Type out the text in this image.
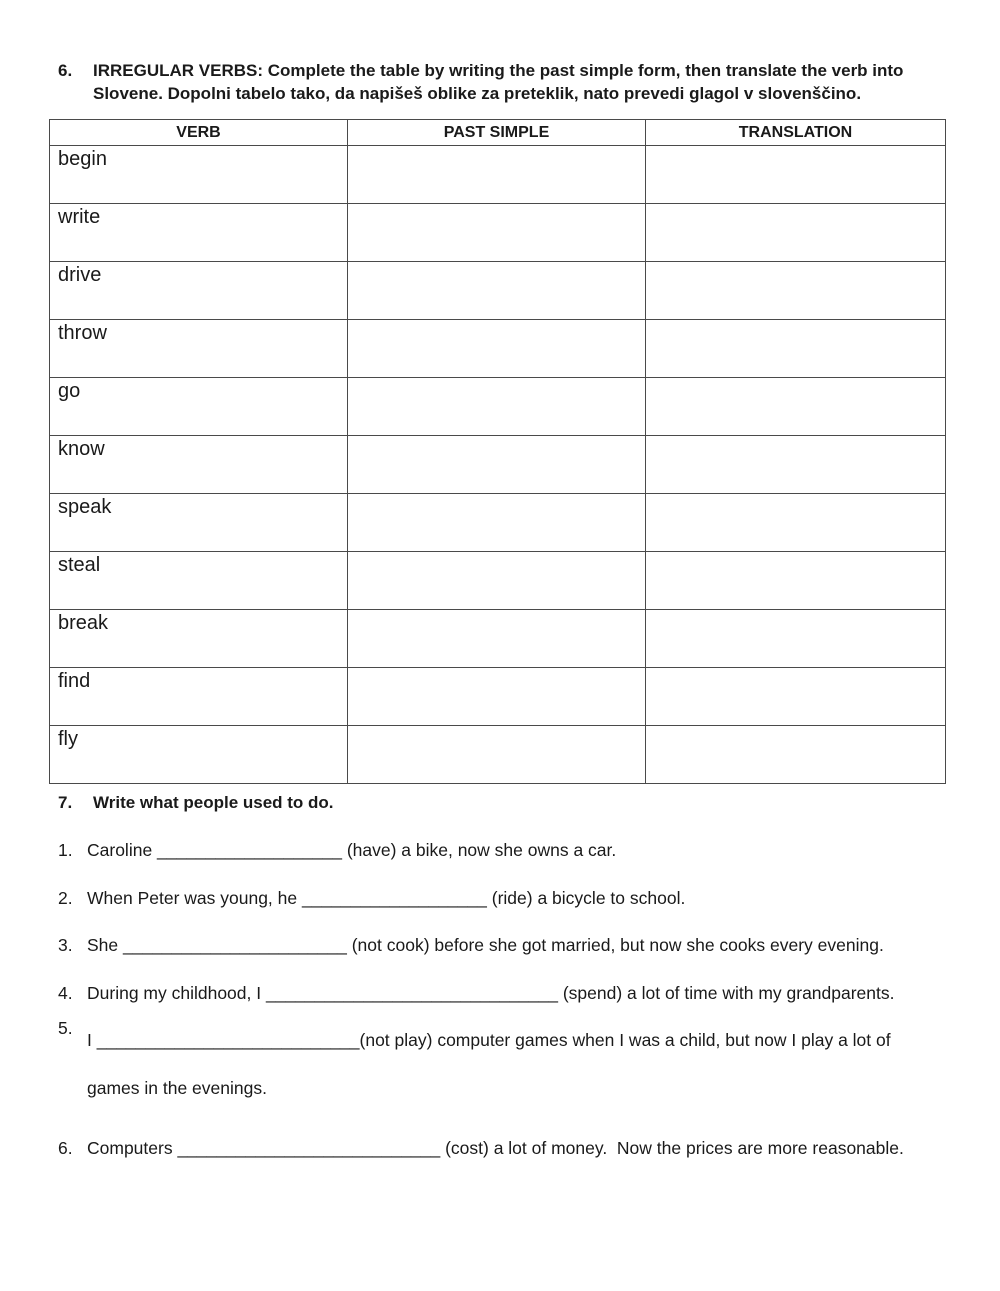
6.	IRREGULAR VERBS: Complete the table by writing the past simple form, then translate the verb into Slovene. Dopolni tabelo tako, da napišeš oblike za preteklik, nato prevedi glagol v slovenščino.
VERB	PAST SIMPLE	TRANSLATION
begin		
write		
drive		
throw		
go		
know		
speak		
steal		
break		
find		
fly		
7. Write what people used to do.
1. Caroline ___________________ (have) a bike, now she owns a car.
2. When Peter was young, he ___________________ (ride) a bicycle to school.
3. She _______________________ (not cook) before she got married, but now she cooks every evening.
4. During my childhood, I ______________________________ (spend) a lot of time with my grandparents.
5.
I ___________________________(not play) computer games when I was a child, but now I play a lot of games in the evenings.
6. Computers ___________________________ (cost) a lot of money.  Now the prices are more reasonable.
